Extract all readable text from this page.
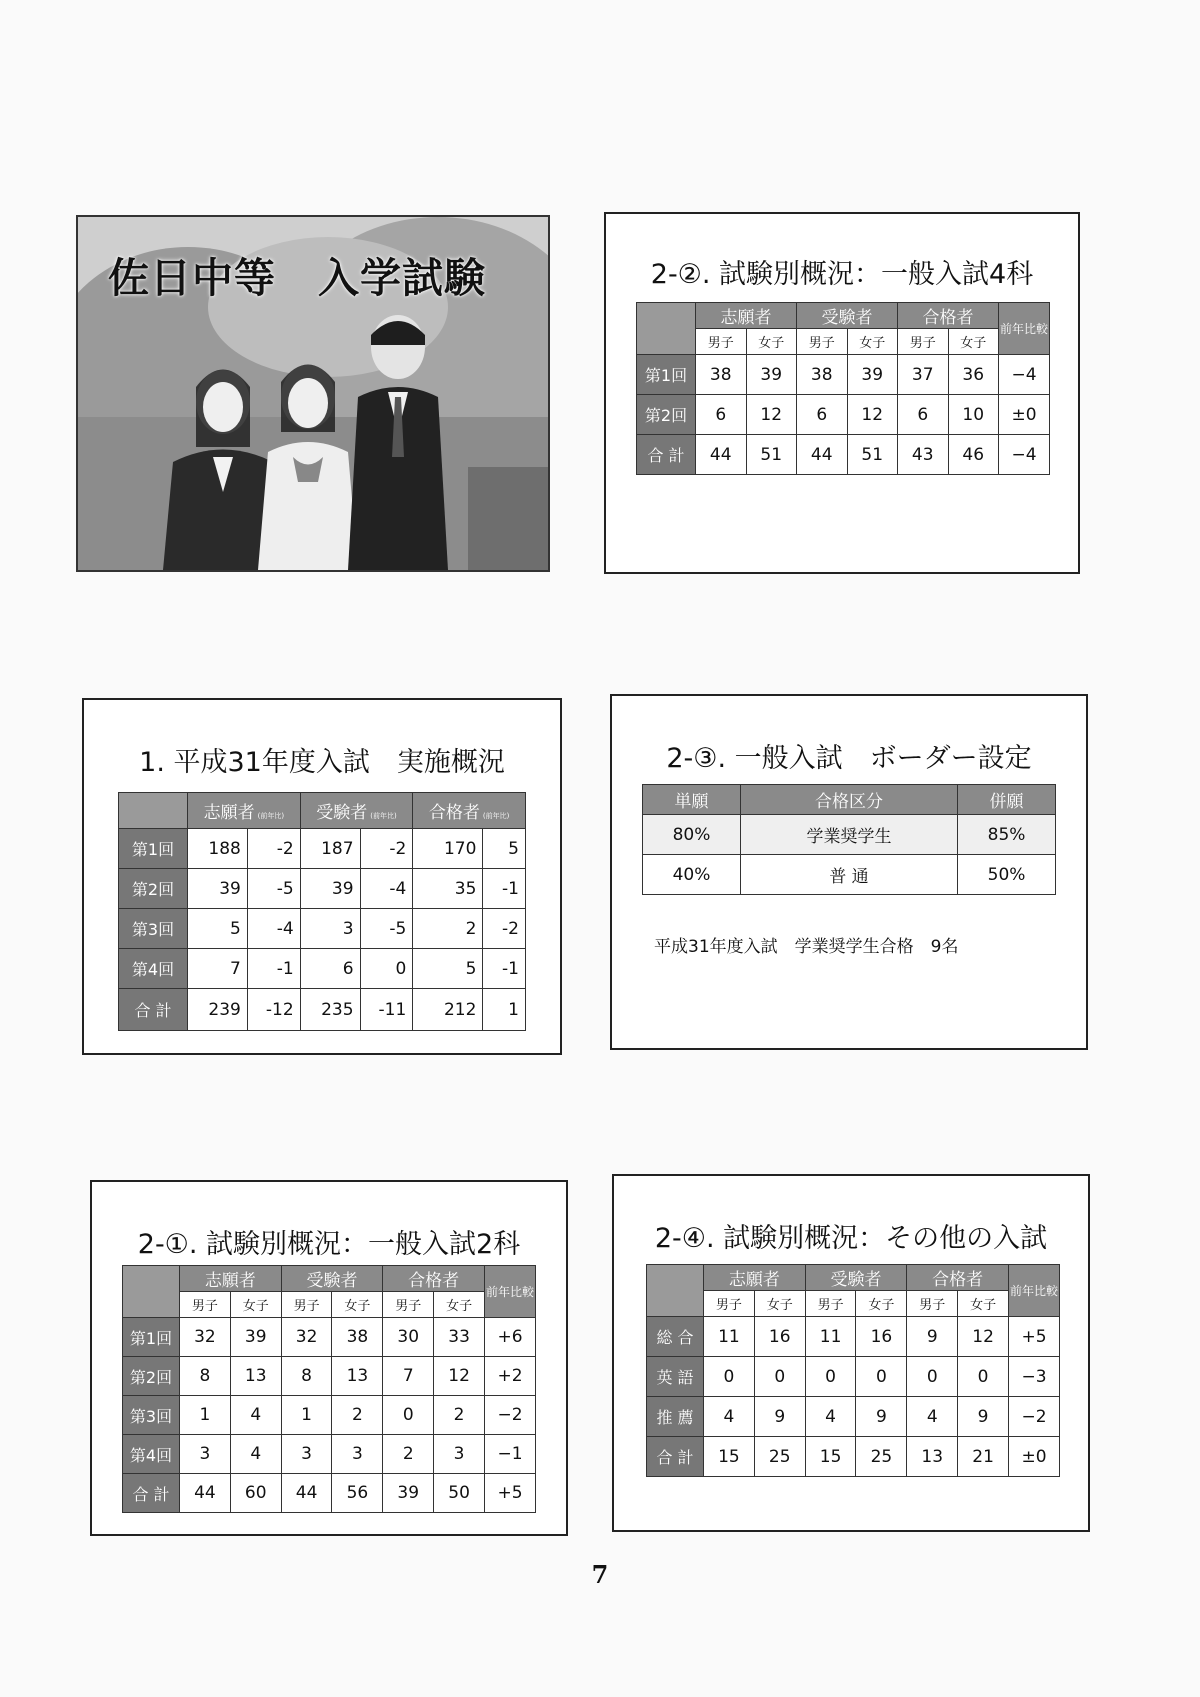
佐日中等　入学試験	2-②. 試験別概況：一般入試4科
	志願者		受験者		合格者		前年比較
	男子	女子	男子	女子	男子	女子	
第1回	38	39	38	39	37	36	−4
第2回	6	12	6	12	6	10	±0
合 計	44	51	44	51	43	46	−4
1. 平成31年度入試　実施概況
	志願者 (前年比)		受験者 (前年比)		合格者 (前年比)	
第1回	188	-2	187	-2	170	5
第2回	39	-5	39	-4	35	-1
第3回	5	-4	3	-5	2	-2
第4回	7	-1	6	0	5	-1
合 計	239	-12	235	-11	212	1
2-③. 一般入試　ボーダー設定
単願	合格区分	併願
80%	学業奨学生	85%
40%	普 通	50%
平成31年度入試　学業奨学生合格　9名
2-①. 試験別概況：一般入試2科
	志願者		受験者		合格者		前年比較
	男子	女子	男子	女子	男子	女子	
第1回	32	39	32	38	30	33	+6
第2回	8	13	8	13	7	12	+2
第3回	1	4	1	2	0	2	−2
第4回	3	4	3	3	2	3	−1
合 計	44	60	44	56	39	50	+5
2-④. 試験別概況：その他の入試
	志願者		受験者		合格者		前年比較
	男子	女子	男子	女子	男子	女子	
総 合	11	16	11	16	9	12	+5
英 語	0	0	0	0	0	0	−3
推 薦	4	9	4	9	4	9	−2
合 計	15	25	15	25	13	21	±0
7
